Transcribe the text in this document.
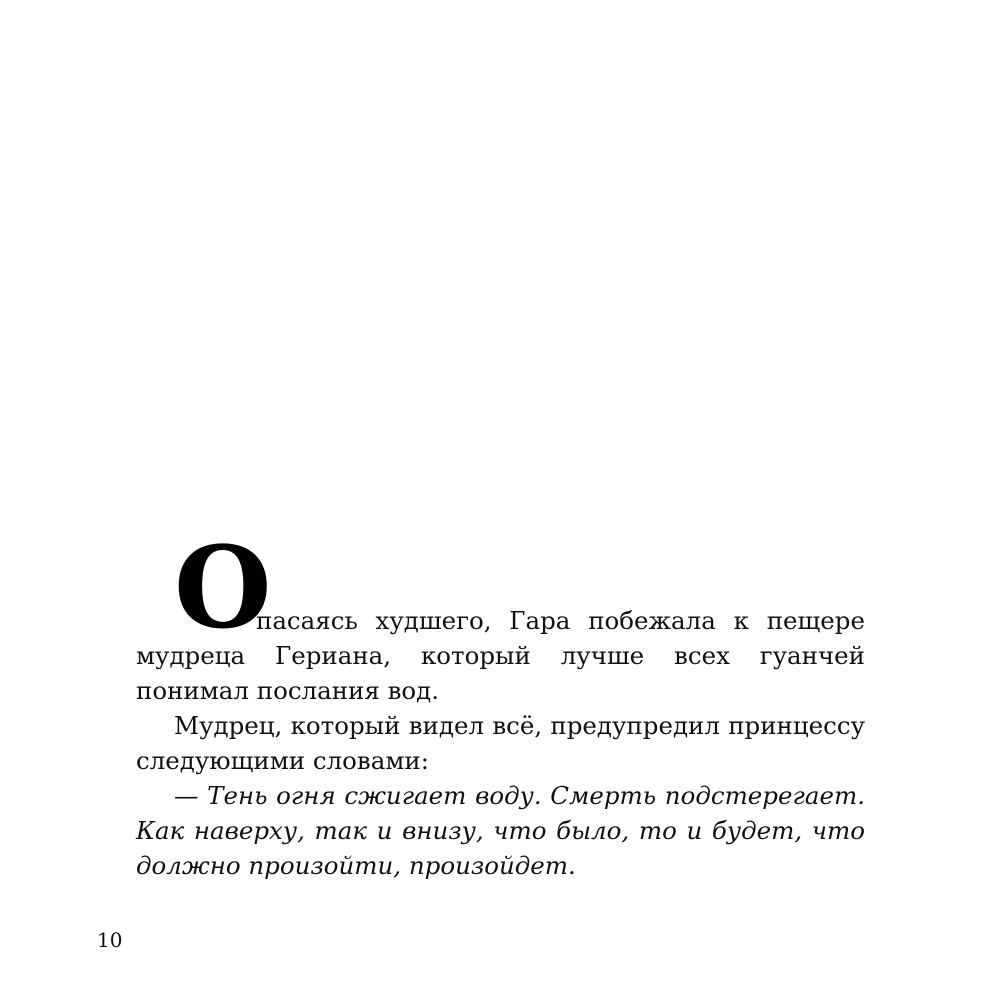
О

пасаясь худшего, Гара побежала к пещере мудреца Гериана, который лучше всех гуанчей понимал послания вод.

Мудрец, который видел всё, предупредил принцессу следующими словами:

— Тень огня сжигает воду. Смерть подстерегает. Как наверху, так и внизу, что было, то и будет, что должно произойти, произойдет.

10
